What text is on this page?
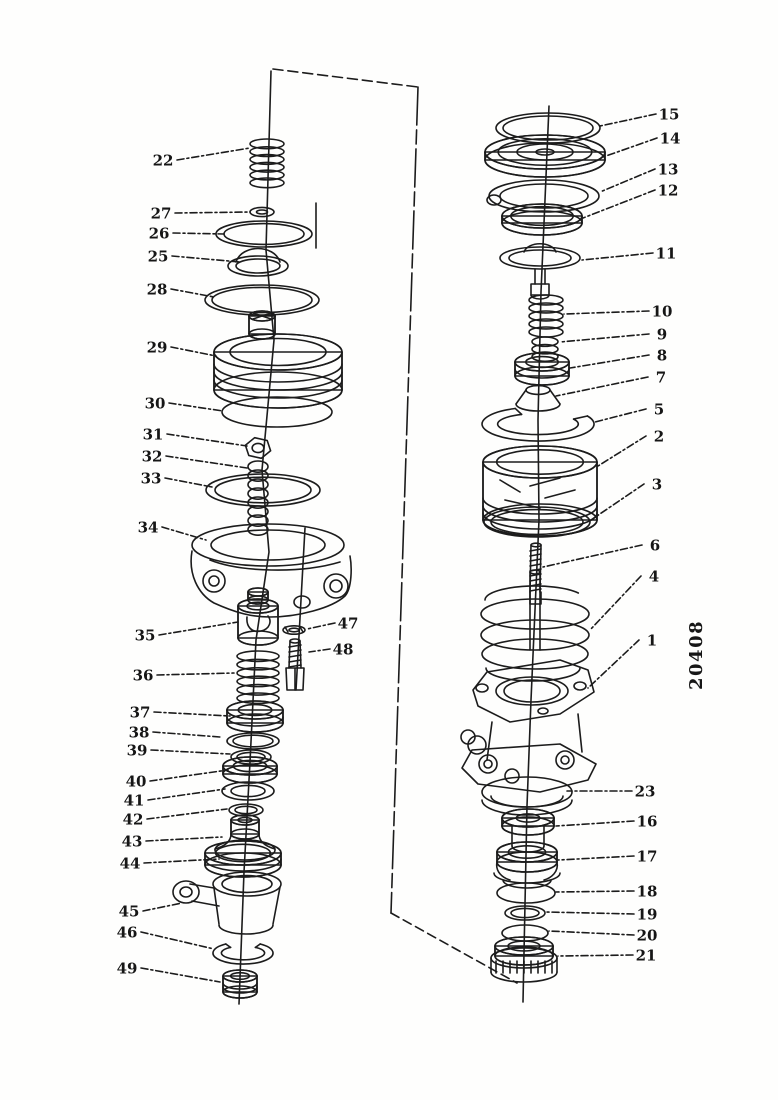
22
27
26
25
28
29
30
31
32
33
34
35
47
48
36
37
38
39
40
41
42
43
44
45
46
49
15
14
13
12
11
10
9
8
7
5
2
3
6
4
1
23
16
17
18
19
20
21
20408
